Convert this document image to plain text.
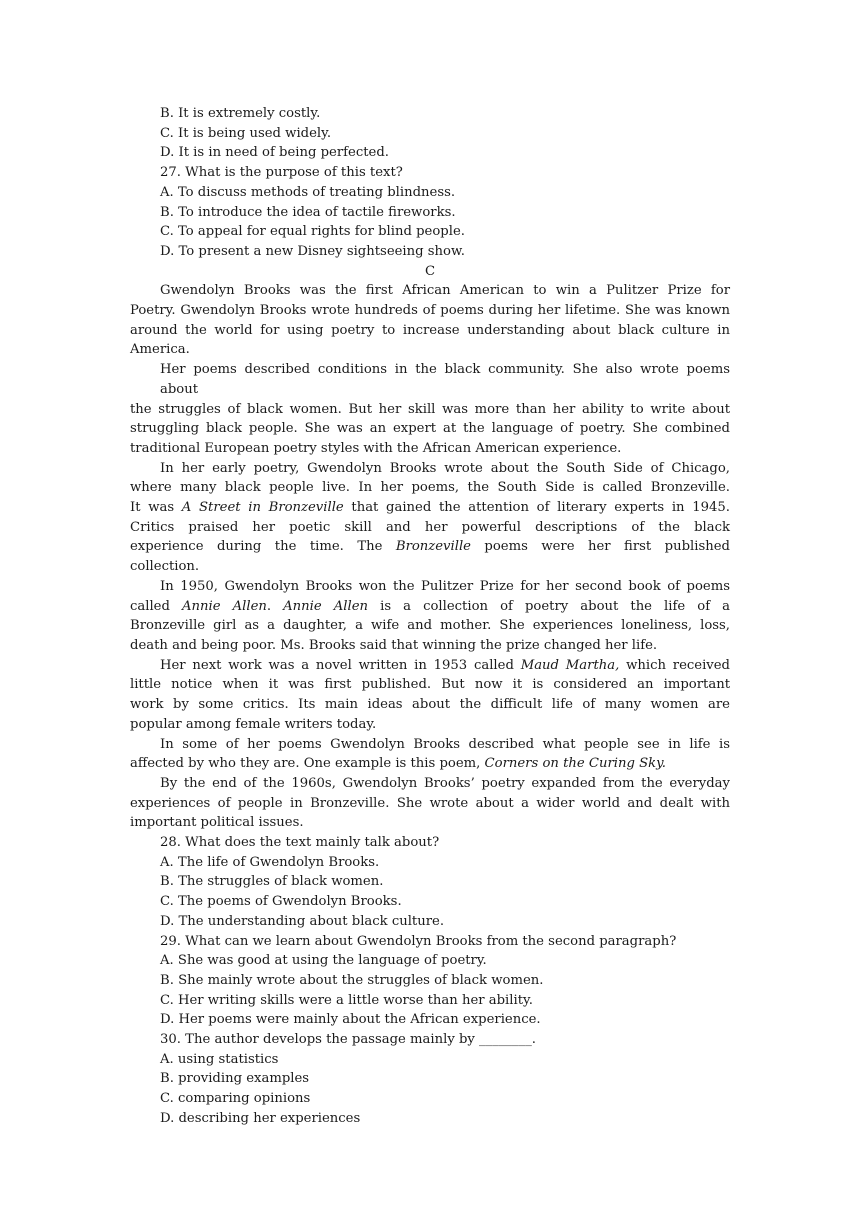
B. It is extremely costly.
C. It is being used widely.
D. It is in need of being perfected.
27. What is the purpose of this text?
A. To discuss methods of treating blindness.
B. To introduce the idea of tactile fireworks.
C. To appeal for equal rights for blind people.
D. To present a new Disney sightseeing show.
C
Gwendolyn Brooks was the first African American to win a Pulitzer Prize for
Poetry. Gwendolyn Brooks wrote hundreds of poems during her lifetime. She was known
around the world for using poetry to increase understanding about black culture in
America.
Her poems described conditions in the black community. She also wrote poems about
the struggles of black women. But her skill was more than her ability to write about
struggling black people. She was an expert at the language of poetry. She combined
traditional European poetry styles with the African American experience.
In her early poetry, Gwendolyn Brooks wrote about the South Side of Chicago,
where many black people live. In her poems, the South Side is called Bronzeville.
It was A Street in Bronzeville that gained the attention of literary experts in 1945.
Critics praised her poetic skill and her powerful descriptions of the black
experience during the time. The Bronzeville poems were her first published
collection.
In 1950, Gwendolyn Brooks won the Pulitzer Prize for her second book of poems
called Annie Allen. Annie Allen is a collection of poetry about the life of a
Bronzeville girl as a daughter, a wife and mother. She experiences loneliness, loss,
death and being poor. Ms. Brooks said that winning the prize changed her life.
Her next work was a novel written in 1953 called Maud Martha, which received
little notice when it was first published. But now it is considered an important
work by some critics. Its main ideas about the difficult life of many women are
popular among female writers today.
In some of her poems Gwendolyn Brooks described what people see in life is
affected by who they are. One example is this poem, Corners on the Curing Sky.
By the end of the 1960s, Gwendolyn Brooks’ poetry expanded from the everyday
experiences of people in Bronzeville. She wrote about a wider world and dealt with
important political issues.
28. What does the text mainly talk about?
A. The life of Gwendolyn Brooks.
B. The struggles of black women.
C. The poems of Gwendolyn Brooks.
D. The understanding about black culture.
29. What can we learn about Gwendolyn Brooks from the second paragraph?
A. She was good at using the language of poetry.
B. She mainly wrote about the struggles of black women.
C. Her writing skills were a little worse than her ability.
D. Her poems were mainly about the African experience.
30. The author develops the passage mainly by ________.
A. using statistics
B. providing examples
C. comparing opinions
D. describing her experiences
